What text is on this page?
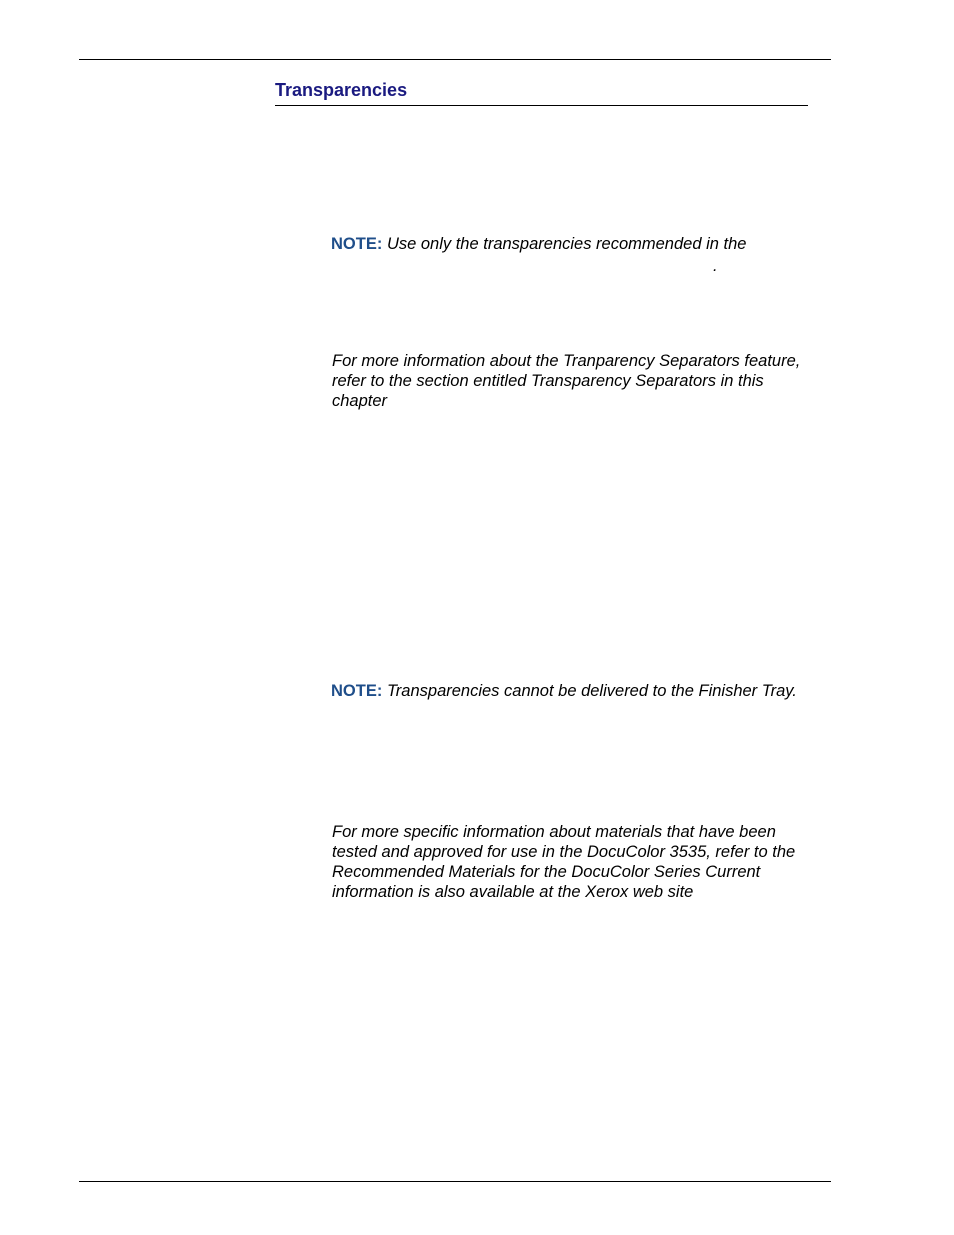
Transparencies

NOTE: Use only the transparencies recommended in the

.

For more information about the Tranparency Separators feature,
refer to the section entitled Transparency Separators in this
chapter

NOTE: Transparencies cannot be delivered to the Finisher Tray.

For more specific information about materials that have been
tested and approved for use in the DocuColor 3535, refer to the
Recommended Materials for the DocuColor Series Current
information is also available at the Xerox web site
